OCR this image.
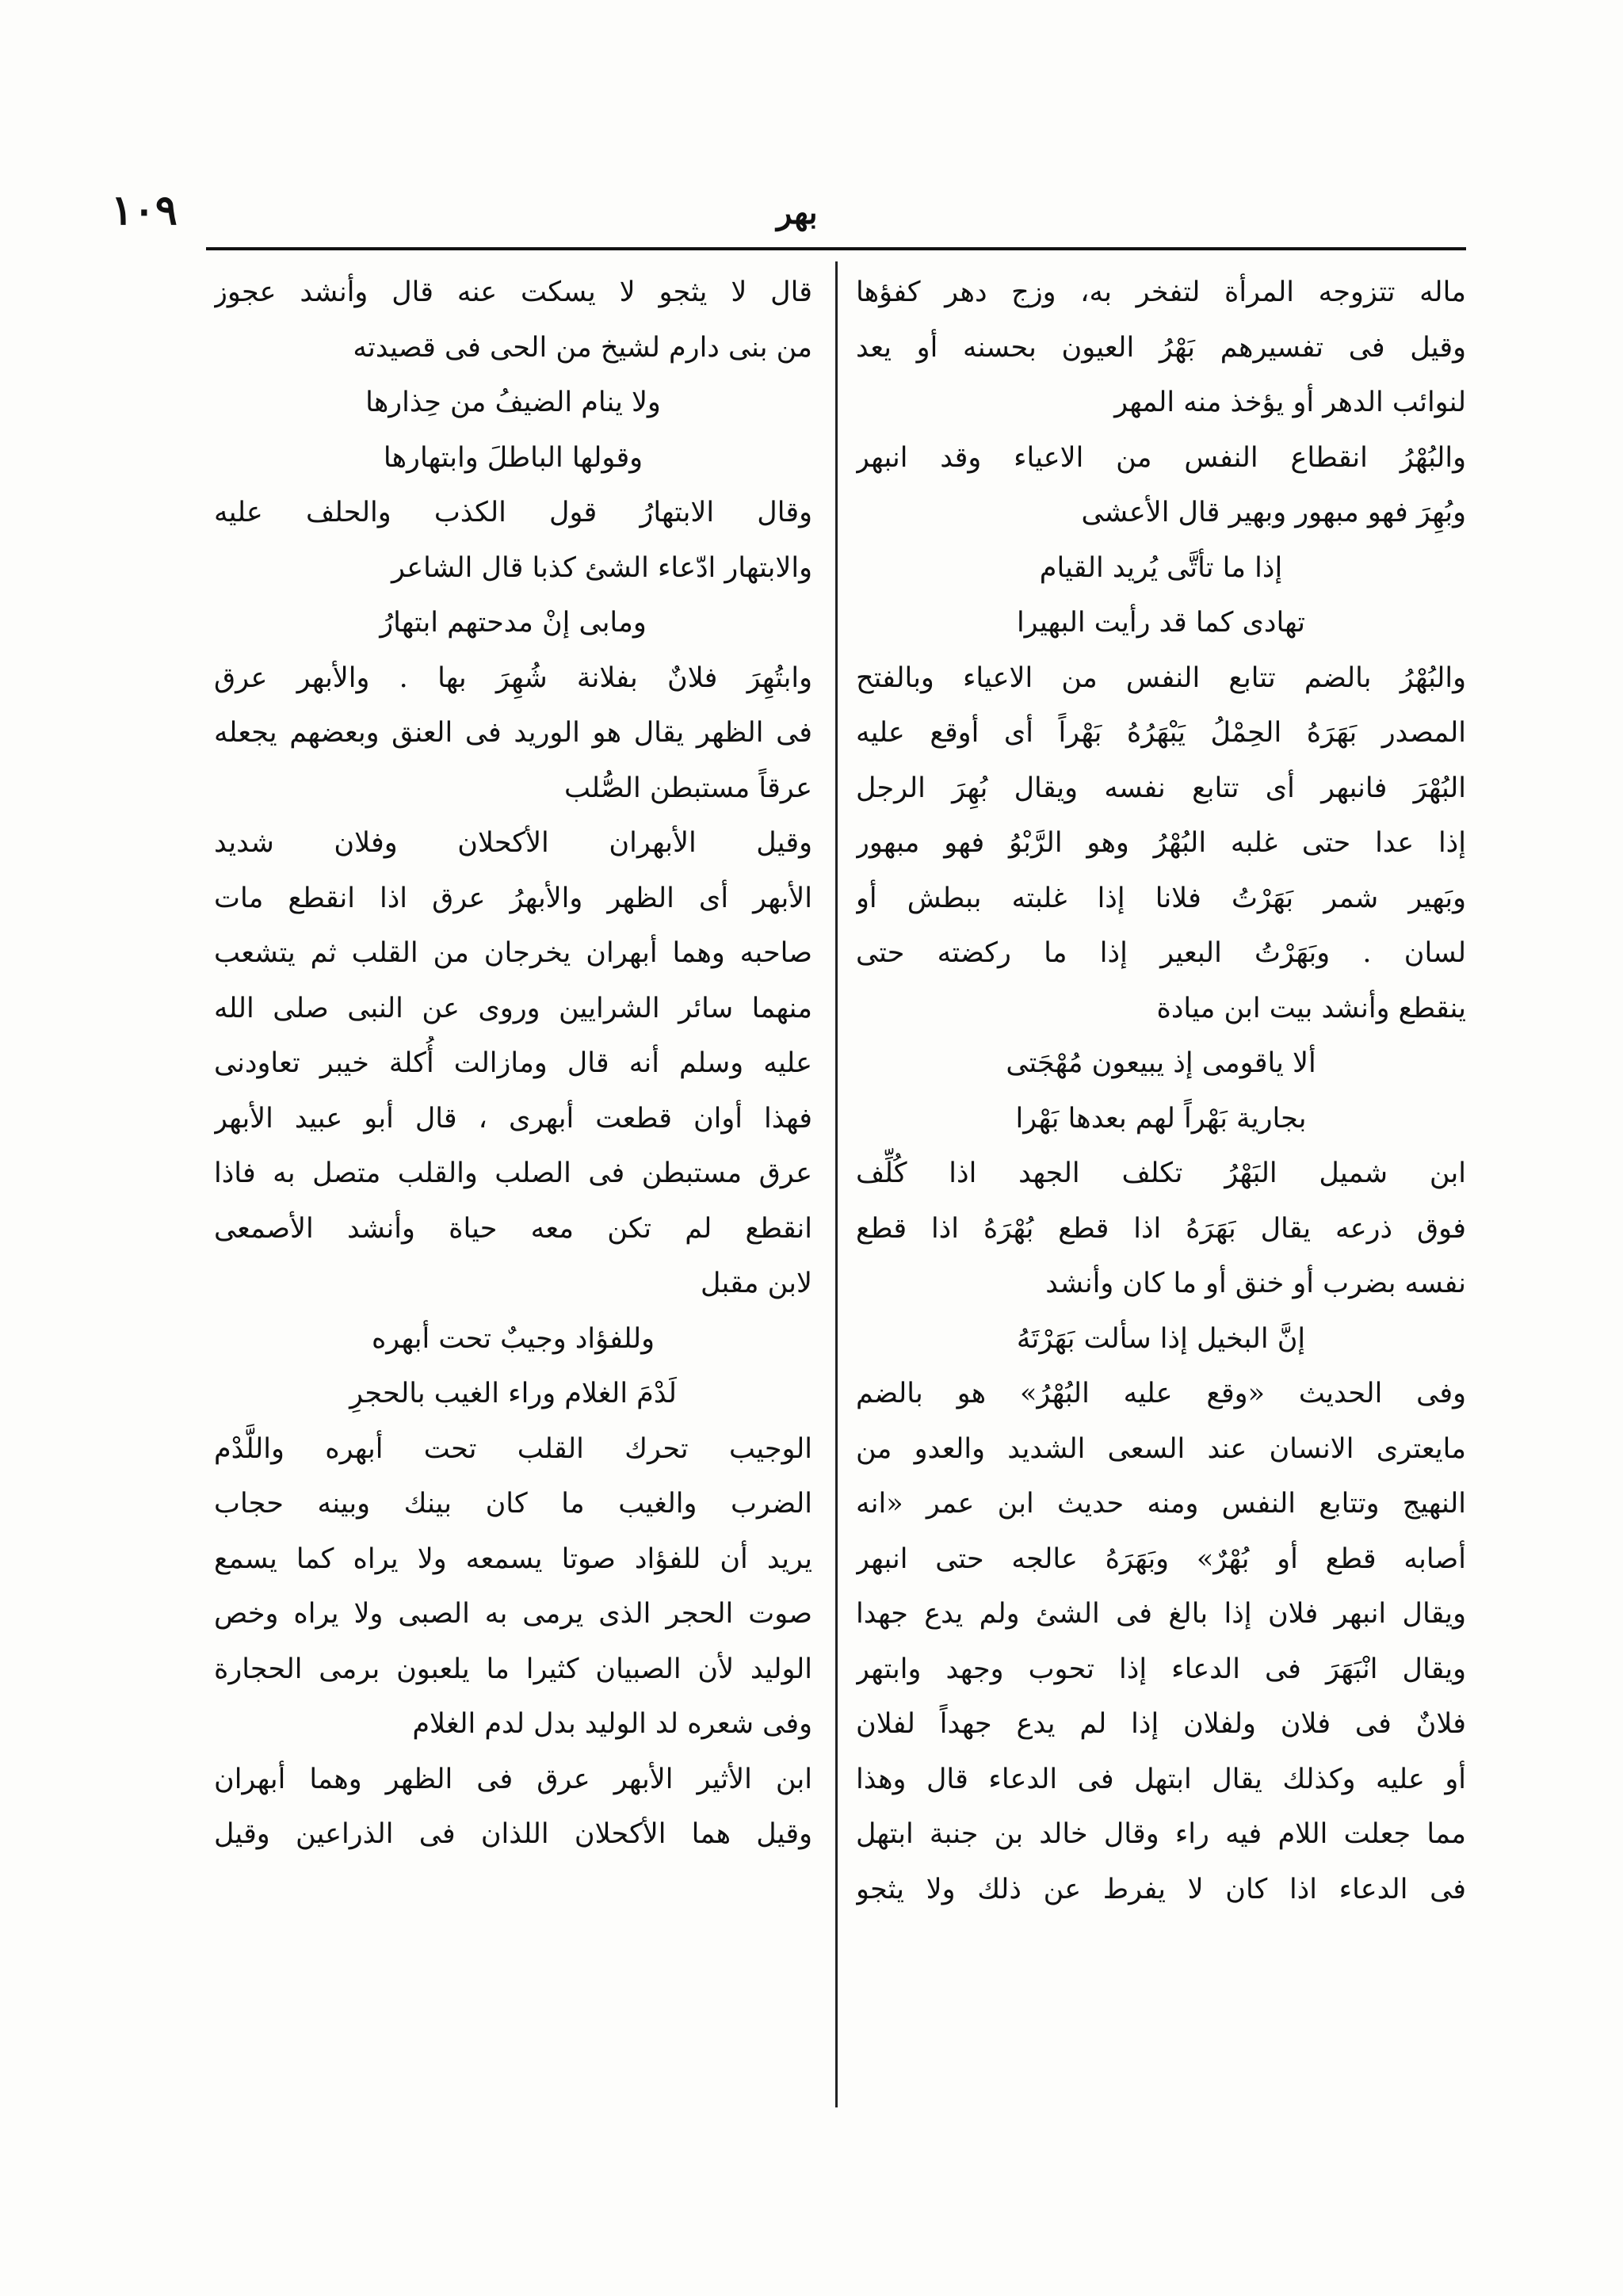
١٠٩	بهر
ماله تتزوجه المرأة لتفخر به، وزج دهر كفؤها
وقيل فى تفسيرهم بَهْرُ العيون بحسنه أو يعد
لنوائب الدهر أو يؤخذ منه المهر
والبُهْرُ انقطاع النفس من الاعياء وقد انبهر
وبُهِرَ فهو مبهور وبهير قال الأعشى
إذا ما تأتَّى يُريد القيام
تهادى كما قد رأيت البهيرا
والبُهْرُ بالضم تتابع النفس من الاعياء وبالفتح
المصدر بَهَرَهُ الحِمْلُ يَبْهَرُهُ بَهْراً أى أوقع عليه
البُهْرَ فانبهر أى تتابع نفسه ويقال بُهِرَ الرجل
إذا عدا حتى غلبه البُهْرُ وهو الرَّبْوُ فهو مبهور
وبَهير شمر بَهَرْتُ فلانا إذا غلبته ببطش أو
لسان . وبَهَرْتُ البعير إذا ما ركضته حتى
ينقطع وأنشد بيت ابن ميادة
ألا ياقومى إذ يبيعون مُهْجَتى
بجارية بَهْراً لهم بعدها بَهْرا
ابن شميل البَهْرُ تكلف الجهد اذا كُلِّف
فوق ذرعه يقال بَهَرَهُ اذا قطع بُهْرَهُ اذا قطع
نفسه بضرب أو خنق أو ما كان وأنشد
إنَّ البخيل إذا سألت بَهَرْتَهُ
وفى الحديث «وقع عليه البُهْرُ» هو بالضم
مايعترى الانسان عند السعى الشديد والعدو من
النهيج وتتابع النفس ومنه حديث ابن عمر «انه
أصابه قطع أو بُهْرٌ» وبَهَرَهُ عالجه حتى انبهر
ويقال انبهر فلان إذا بالغ فى الشئ ولم يدع جهدا
ويقال انْبَهَرَ فى الدعاء إذا تحوب وجهد وابتهر
فلانٌ فى فلان ولفلان إذا لم يدع جهداً لفلان
أو عليه وكذلك يقال ابتهل فى الدعاء قال وهذا
مما جعلت اللام فيه راء وقال خالد بن جنبة ابتهل
فى الدعاء اذا كان لا يفرط عن ذلك ولا يثجو
قال لا يثجو لا يسكت عنه قال وأنشد عجوز
من بنى دارم لشيخ من الحى فى قصيدته
ولا ينام الضيفُ من حِذارها
وقولها الباطلَ وابتهارها
وقال الابتهارُ قول الكذب والحلف عليه
والابتهار ادّعاء الشئ كذبا قال الشاعر
ومابى إنْ مدحتهم ابتهارُ
وابتُهِرَ فلانٌ بفلانة شُهِرَ بها . والأبهر عرق
فى الظهر يقال هو الوريد فى العنق وبعضهم يجعله
عرقاً مستبطن الصُّلب
وقيل الأبهران الأكحلان وفلان شديد
الأبهر أى الظهر والأبهرُ عرق اذا انقطع مات
صاحبه وهما أبهران يخرجان من القلب ثم يتشعب
منهما سائر الشرايين وروى عن النبى صلى الله
عليه وسلم أنه قال ومازالت أُكلة خيبر تعاودنى
فهذا أوان قطعت أبهرى ، قال أبو عبيد الأبهر
عرق مستبطن فى الصلب والقلب متصل به فاذا
انقطع لم تكن معه حياة وأنشد الأصمعى
لابن مقبل
وللفؤاد وجيبٌ تحت أبهره
لَدْمَ الغلام وراء الغيب بالحجرِ
الوجيب تحرك القلب تحت أبهره واللَّدْم
الضرب والغيب ما كان بينك وبينه حجاب
يريد أن للفؤاد صوتا يسمعه ولا يراه كما يسمع
صوت الحجر الذى يرمى به الصبى ولا يراه وخص
الوليد لأن الصبيان كثيرا ما يلعبون برمى الحجارة
وفى شعره لد الوليد بدل لدم الغلام
ابن الأثير الأبهر عرق فى الظهر وهما أبهران
وقيل هما الأكحلان اللذان فى الذراعين وقيل
